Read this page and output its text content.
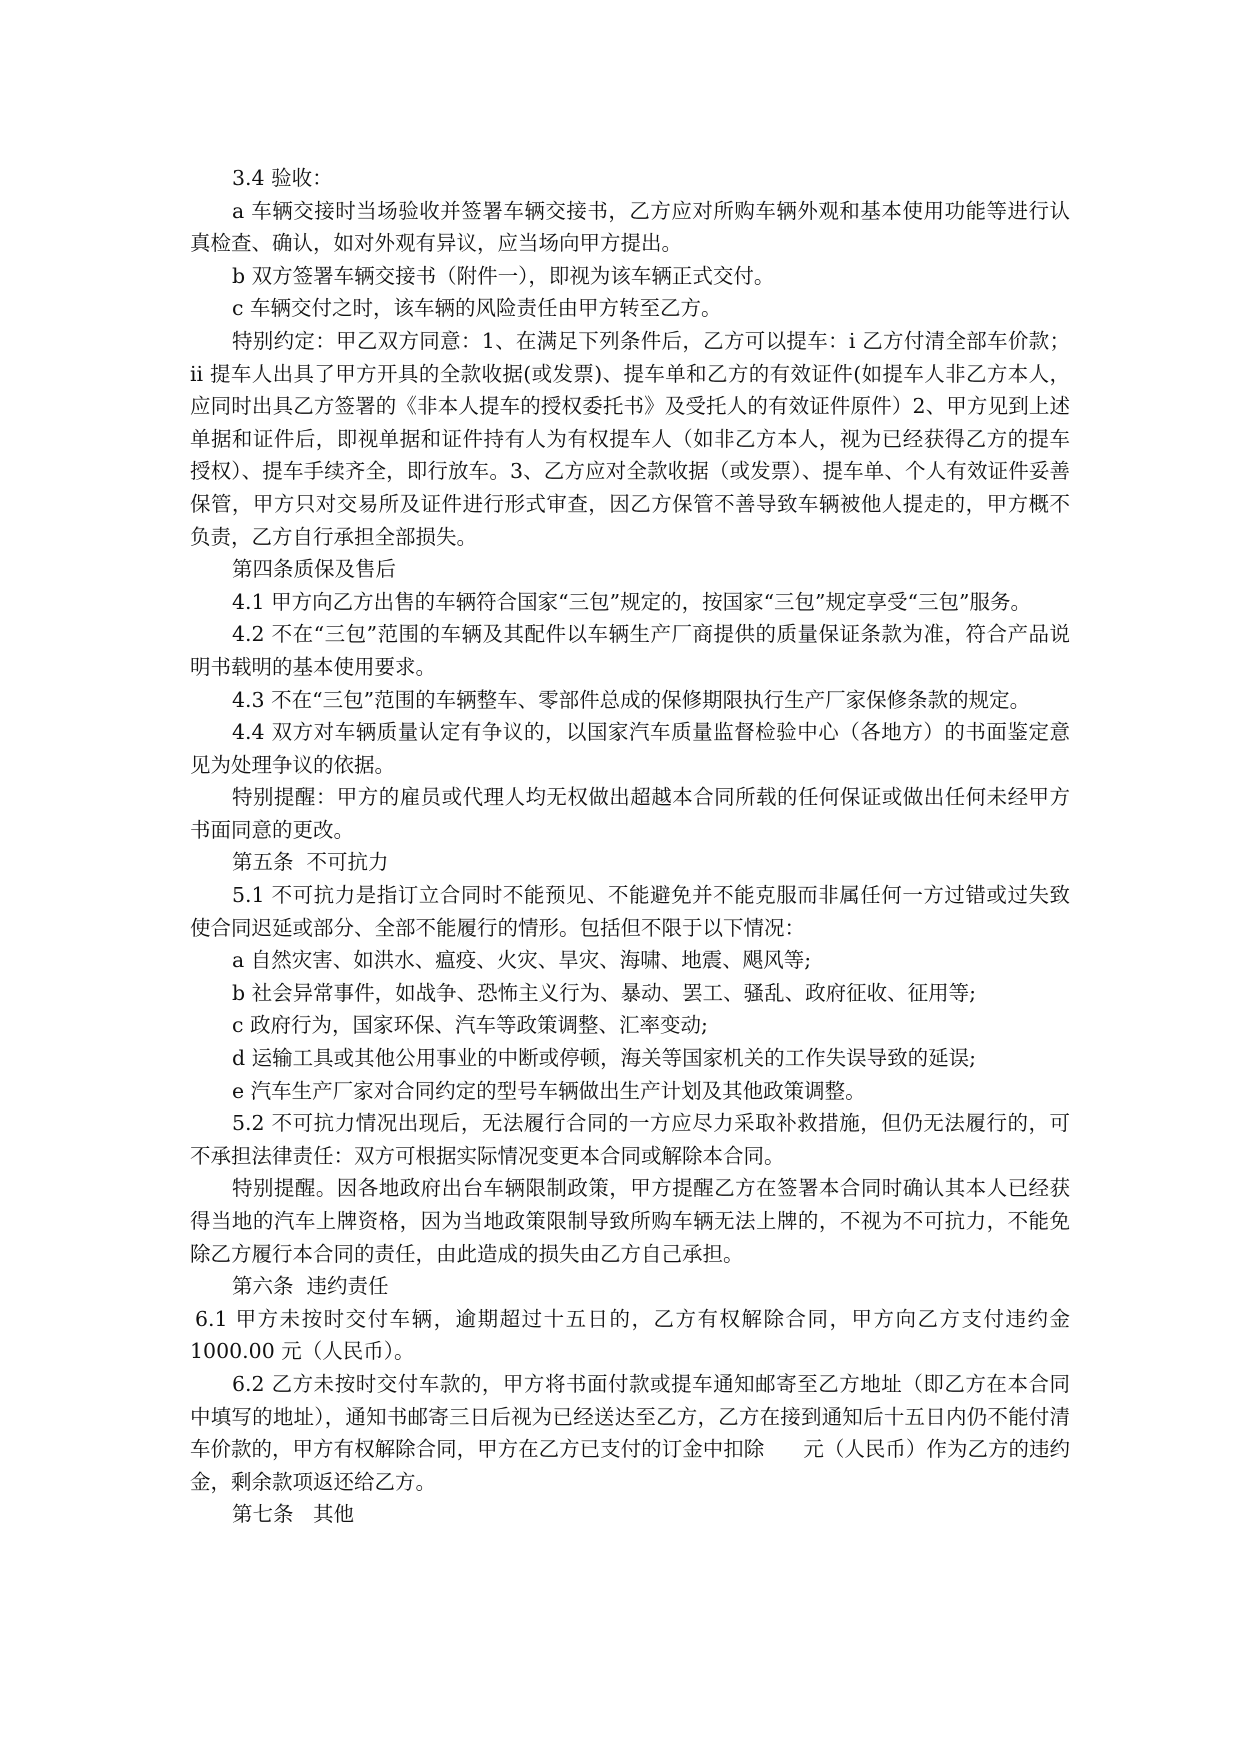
3.4 验收：

a 车辆交接时当场验收并签署车辆交接书，乙方应对所购车辆外观和基本使用功能等进行认真检查、确认，如对外观有异议，应当场向甲方提出。

b 双方签署车辆交接书（附件一），即视为该车辆正式交付。

c 车辆交付之时，该车辆的风险责任由甲方转至乙方。

特别约定：甲乙双方同意：1、在满足下列条件后，乙方可以提车：i 乙方付清全部车价款；ii 提车人出具了甲方开具的全款收据(或发票)、提车单和乙方的有效证件(如提车人非乙方本人，应同时出具乙方签署的《非本人提车的授权委托书》及受托人的有效证件原件）2、甲方见到上述单据和证件后，即视单据和证件持有人为有权提车人（如非乙方本人，视为已经获得乙方的提车授权）、提车手续齐全，即行放车。3、乙方应对全款收据（或发票）、提车单、个人有效证件妥善保管，甲方只对交易所及证件进行形式审查，因乙方保管不善导致车辆被他人提走的，甲方概不负责，乙方自行承担全部损失。

第四条质保及售后

4.1 甲方向乙方出售的车辆符合国家“三包”规定的，按国家“三包”规定享受“三包”服务。

4.2 不在“三包”范围的车辆及其配件以车辆生产厂商提供的质量保证条款为准，符合产品说明书载明的基本使用要求。

4.3 不在“三包”范围的车辆整车、零部件总成的保修期限执行生产厂家保修条款的规定。

4.4 双方对车辆质量认定有争议的，以国家汽车质量监督检验中心（各地方）的书面鉴定意见为处理争议的依据。

特别提醒：甲方的雇员或代理人均无权做出超越本合同所载的任何保证或做出任何未经甲方书面同意的更改。

第五条  不可抗力

5.1 不可抗力是指订立合同时不能预见、不能避免并不能克服而非属任何一方过错或过失致使合同迟延或部分、全部不能履行的情形。包括但不限于以下情况：

a 自然灾害、如洪水、瘟疫、火灾、旱灾、海啸、地震、飓风等;

b 社会异常事件，如战争、恐怖主义行为、暴动、罢工、骚乱、政府征收、征用等;

c 政府行为，国家环保、汽车等政策调整、汇率变动;

d 运输工具或其他公用事业的中断或停顿，海关等国家机关的工作失误导致的延误;

e 汽车生产厂家对合同约定的型号车辆做出生产计划及其他政策调整。

5.2 不可抗力情况出现后，无法履行合同的一方应尽力采取补救措施，但仍无法履行的，可不承担法律责任：双方可根据实际情况变更本合同或解除本合同。

特别提醒。因各地政府出台车辆限制政策，甲方提醒乙方在签署本合同时确认其本人已经获得当地的汽车上牌资格，因为当地政策限制导致所购车辆无法上牌的，不视为不可抗力，不能免除乙方履行本合同的责任，由此造成的损失由乙方自己承担。

第六条  违约责任

6.1 甲方未按时交付车辆，逾期超过十五日的，乙方有权解除合同，甲方向乙方支付违约金 1000.00 元（人民币）。

6.2 乙方未按时交付车款的，甲方将书面付款或提车通知邮寄至乙方地址（即乙方在本合同中填写的地址），通知书邮寄三日后视为已经送达至乙方，乙方在接到通知后十五日内仍不能付清车价款的，甲方有权解除合同，甲方在乙方已支付的订金中扣除      元（人民币）作为乙方的违约金，剩余款项返还给乙方。

第七条   其他
